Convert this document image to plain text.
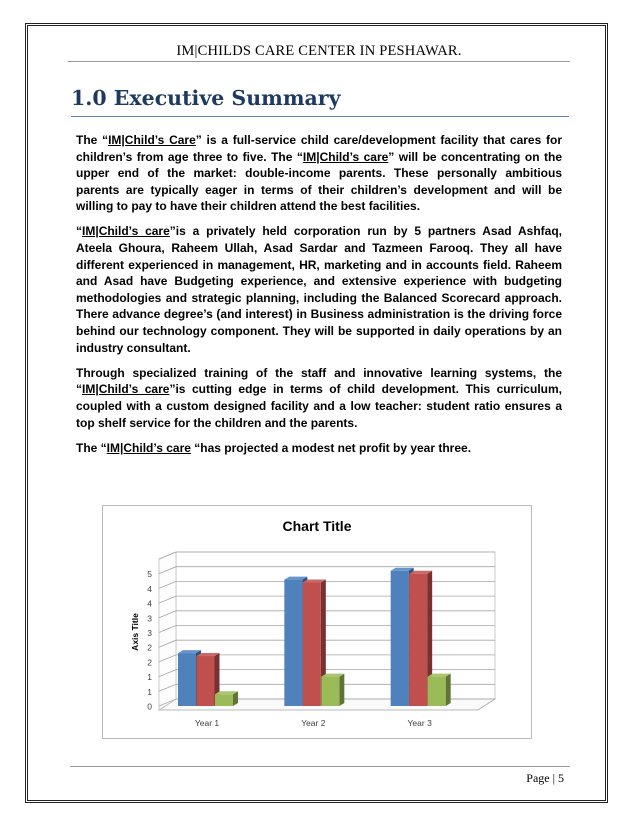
IM|CHILDS CARE CENTER IN PESHAWAR.
1.0 Executive Summary

The “IM|Child’s Care” is a full-service child care/development facility that cares for children’s from age three to five. The “IM|Child’s care” will be concentrating on the upper end of the market: double-income parents. These personally ambitious parents are typically eager in terms of their children’s development and will be willing to pay to have their children attend the best facilities.

“IM|Child’s care”is a privately held corporation run by 5 partners Asad Ashfaq, Ateela Ghoura, Raheem Ullah, Asad Sardar and Tazmeen Farooq. They all have different experienced in management, HR, marketing and in accounts field. Raheem and Asad have Budgeting experience, and extensive experience with budgeting methodologies and strategic planning, including the Balanced Scorecard approach. There advance degree’s (and interest) in Business administration is the driving force behind our technology component. They will be supported in daily operations by an industry consultant.

Through specialized training of the staff and innovative learning systems, the “IM|Child’s care”is cutting edge in terms of child development. This curriculum, coupled with a custom designed facility and a low teacher: student ratio ensures a top shelf service for the children and the parents.

The “IM|Child’s care “has projected a modest net profit by year three.

Chart Title
0
1
1
2
2
3
3
4
4
5
Axis Title
Year 1	Year 2	Year 3
Page | 5
